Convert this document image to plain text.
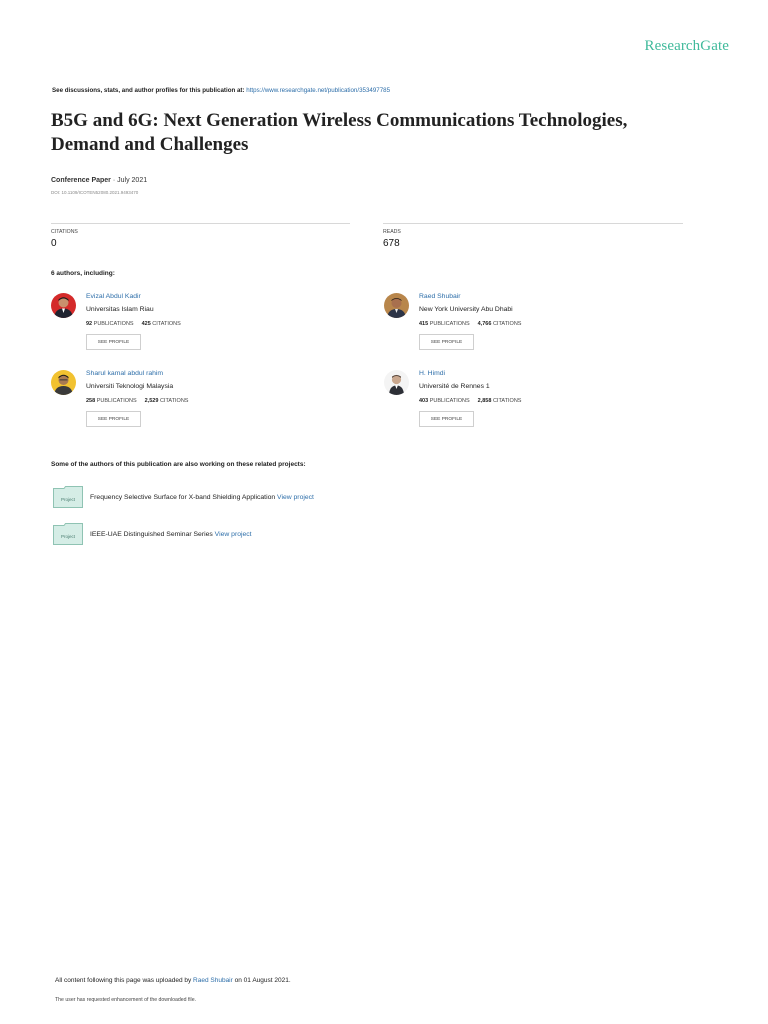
ResearchGate
See discussions, stats, and author profiles for this publication at: https://www.researchgate.net/publication/353497785
B5G and 6G: Next Generation Wireless Communications Technologies, Demand and Challenges
Conference Paper · July 2021
DOI: 10.1109/ICOTEN52080.2021.9493470
CITATIONS
0
READS
678
6 authors, including:
Evizal Abdul Kadir
Universitas Islam Riau
92 PUBLICATIONS 425 CITATIONS
SEE PROFILE
Raed Shubair
New York University Abu Dhabi
415 PUBLICATIONS 4,766 CITATIONS
SEE PROFILE
Sharul kamal abdul rahim
Universiti Teknologi Malaysia
258 PUBLICATIONS 2,529 CITATIONS
SEE PROFILE
H. Himdi
Université de Rennes 1
403 PUBLICATIONS 2,858 CITATIONS
SEE PROFILE
Some of the authors of this publication are also working on these related projects:
Project Frequency Selective Surface for X-band Shielding Application View project
Project IEEE-UAE Distinguished Seminar Series View project
All content following this page was uploaded by Raed Shubair on 01 August 2021.
The user has requested enhancement of the downloaded file.
